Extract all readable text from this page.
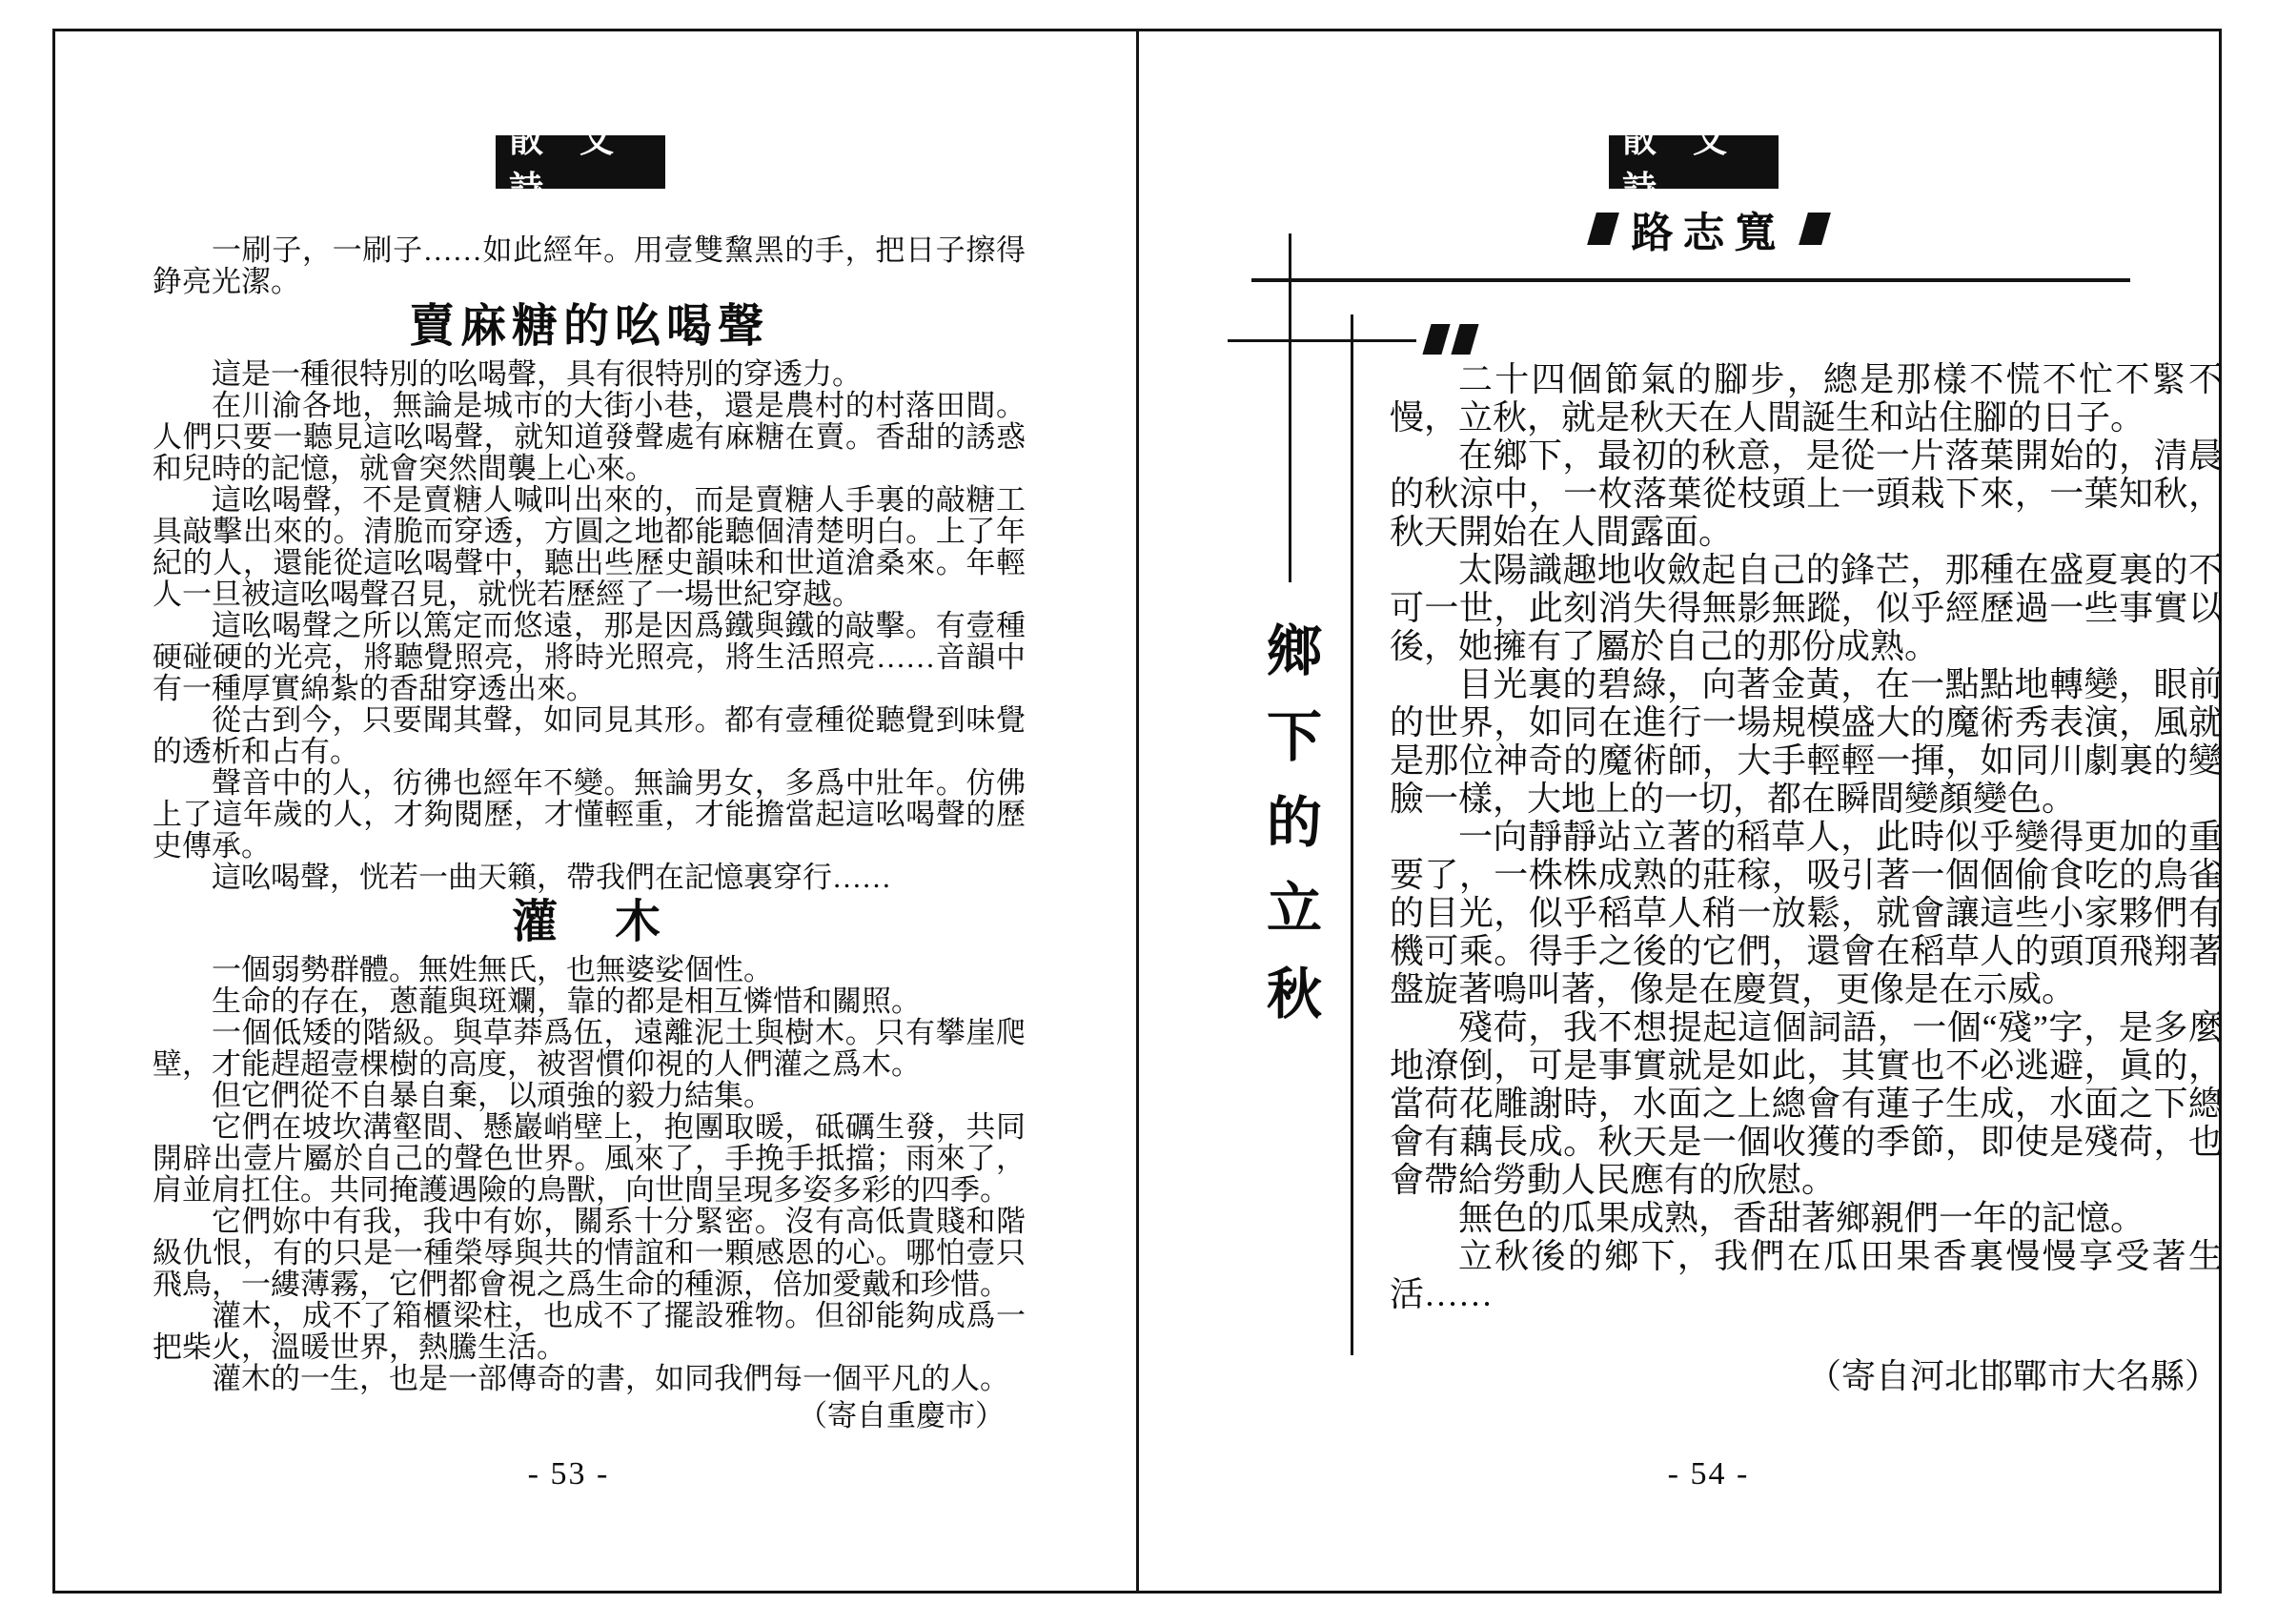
散 文 詩

一刷子，一刷子……如此經年。用壹雙黧黑的手，把日子擦得錚亮光潔。

賣麻糖的吆喝聲

這是一種很特別的吆喝聲，具有很特別的穿透力。

在川渝各地，無論是城市的大街小巷，還是農村的村落田間。人們只要一聽見這吆喝聲，就知道發聲處有麻糖在賣。香甜的誘惑和兒時的記憶，就會突然間襲上心來。

這吆喝聲，不是賣糖人喊叫出來的，而是賣糖人手裏的敲糖工具敲擊出來的。清脆而穿透，方圓之地都能聽個清楚明白。上了年紀的人，還能從這吆喝聲中，聽出些歷史韻味和世道滄桑來。年輕人一旦被這吆喝聲召見，就恍若歷經了一場世紀穿越。

這吆喝聲之所以篤定而悠遠，那是因爲鐵與鐵的敲擊。有壹種硬碰硬的光亮，將聽覺照亮，將時光照亮，將生活照亮……音韻中有一種厚實綿紮的香甜穿透出來。

從古到今，只要聞其聲，如同見其形。都有壹種從聽覺到味覺的透析和占有。

聲音中的人，彷彿也經年不變。無論男女，多爲中壯年。仿佛上了這年歲的人，才夠閱歷，才懂輕重，才能擔當起這吆喝聲的歷史傳承。

這吆喝聲，恍若一曲天籟，帶我們在記憶裏穿行……

灌　木

一個弱勢群體。無姓無氏，也無婆娑個性。

生命的存在，蔥蘢與斑斕，靠的都是相互憐惜和關照。

一個低矮的階級。與草莽爲伍，遠離泥土與樹木。只有攀崖爬壁，才能趕超壹棵樹的高度，被習慣仰視的人們灌之爲木。

但它們從不自暴自棄，以頑強的毅力結集。

它們在坡坎溝壑間、懸巖峭壁上，抱團取暖，砥礪生發，共同開辟出壹片屬於自己的聲色世界。風來了，手挽手抵擋；雨來了，肩並肩扛住。共同掩護遇險的鳥獸，向世間呈現多姿多彩的四季。

它們妳中有我，我中有妳，關系十分緊密。沒有高低貴賤和階級仇恨，有的只是一種榮辱與共的情誼和一顆感恩的心。哪怕壹只飛鳥，一縷薄霧，它們都會視之爲生命的種源，倍加愛戴和珍惜。

灌木，成不了箱櫃梁柱，也成不了擺設雅物。但卻能夠成爲一把柴火，溫暖世界，熱騰生活。

灌木的一生，也是一部傳奇的書，如同我們每一個平凡的人。

（寄自重慶市）

- 53 -
散 文 詩
路志寬
鄉下的立秋

二十四個節氣的腳步，總是那樣不慌不忙不緊不慢，立秋，就是秋天在人間誕生和站住腳的日子。

在鄉下，最初的秋意，是從一片落葉開始的，清晨的秋涼中，一枚落葉從枝頭上一頭栽下來，一葉知秋，秋天開始在人間露面。

太陽識趣地收斂起自己的鋒芒，那種在盛夏裏的不可一世，此刻消失得無影無蹤，似乎經歷過一些事實以後，她擁有了屬於自己的那份成熟。

目光裏的碧綠，向著金黃，在一點點地轉變，眼前的世界，如同在進行一場規模盛大的魔術秀表演，風就是那位神奇的魔術師，大手輕輕一揮，如同川劇裏的變臉一樣，大地上的一切，都在瞬間變顏變色。

一向靜靜站立著的稻草人，此時似乎變得更加的重要了，一株株成熟的莊稼，吸引著一個個偷食吃的鳥雀的目光，似乎稻草人稍一放鬆，就會讓這些小家夥們有機可乘。得手之後的它們，還會在稻草人的頭頂飛翔著盤旋著鳴叫著，像是在慶賀，更像是在示威。

殘荷，我不想提起這個詞語，一個“殘”字，是多麼地潦倒，可是事實就是如此，其實也不必逃避，眞的，當荷花雕謝時，水面之上總會有蓮子生成，水面之下總會有藕長成。秋天是一個收獲的季節，即使是殘荷，也會帶給勞動人民應有的欣慰。

無色的瓜果成熟，香甜著鄉親們一年的記憶。

立秋後的鄉下，我們在瓜田果香裏慢慢享受著生活……

（寄自河北邯鄲市大名縣）

- 54 -
